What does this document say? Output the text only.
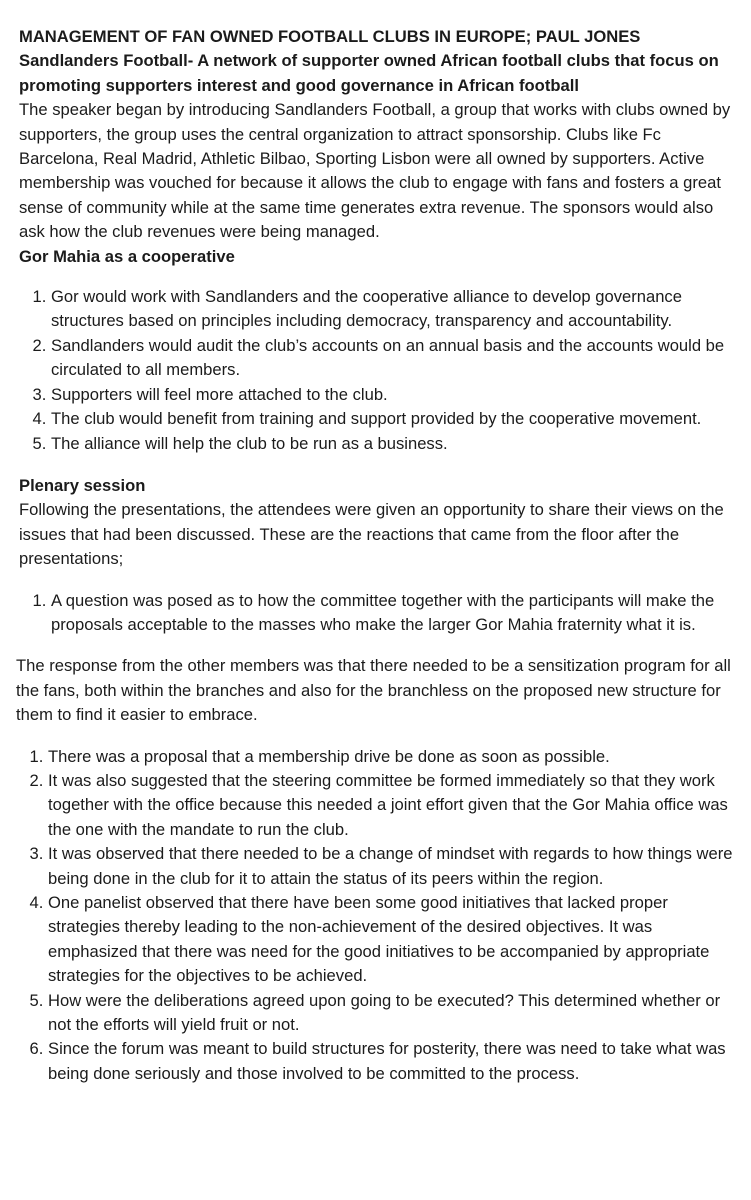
MANAGEMENT OF FAN OWNED FOOTBALL CLUBS IN EUROPE; PAUL JONES

Sandlanders Football- A network of supporter owned African football clubs that focus on promoting supporters interest and good governance in African football

The speaker began by introducing Sandlanders Football, a group that works with clubs owned by supporters, the group uses the central organization to attract sponsorship. Clubs like Fc Barcelona, Real Madrid, Athletic Bilbao, Sporting Lisbon were all owned by supporters. Active membership was vouched for because it allows the club to engage with fans and fosters a great sense of community while at the same time generates extra revenue. The sponsors would also ask how the club revenues were being managed.

Gor Mahia as a cooperative

1. Gor would work with Sandlanders and the cooperative alliance to develop governance structures based on principles including democracy, transparency and accountability.
2. Sandlanders would audit the club’s accounts on an annual basis and the accounts would be circulated to all members.
3. Supporters will feel more attached to the club.
4. The club would benefit from training and support provided by the cooperative movement.
5. The alliance will help the club to be run as a business.

Plenary session

Following the presentations, the attendees were given an opportunity to share their views on the issues that had been discussed. These are the reactions that came from the floor after the presentations;

1. A question was posed as to how the committee together with the participants will make the proposals acceptable to the masses who make the larger Gor Mahia fraternity what it is.

The response from the other members was that there needed to be a sensitization program for all the fans, both within the branches and also for the branchless on the proposed new structure for them to find it easier to embrace.

1. There was a proposal that a membership drive be done as soon as possible.
2. It was also suggested that the steering committee be formed immediately so that they work together with the office because this needed a joint effort given that the Gor Mahia office was the one with the mandate to run the club.
3. It was observed that there needed to be a change of mindset with regards to how things were being done in the club for it to attain the status of its peers within the region.
4. One panelist observed that there have been some good initiatives that lacked proper strategies thereby leading to the non-achievement of the desired objectives. It was emphasized that there was need for the good initiatives to be accompanied by appropriate strategies for the objectives to be achieved.
5. How were the deliberations agreed upon going to be executed? This determined whether or not the efforts will yield fruit or not.
6. Since the forum was meant to build structures for posterity, there was need to take what was being done seriously and those involved to be committed to the process.
